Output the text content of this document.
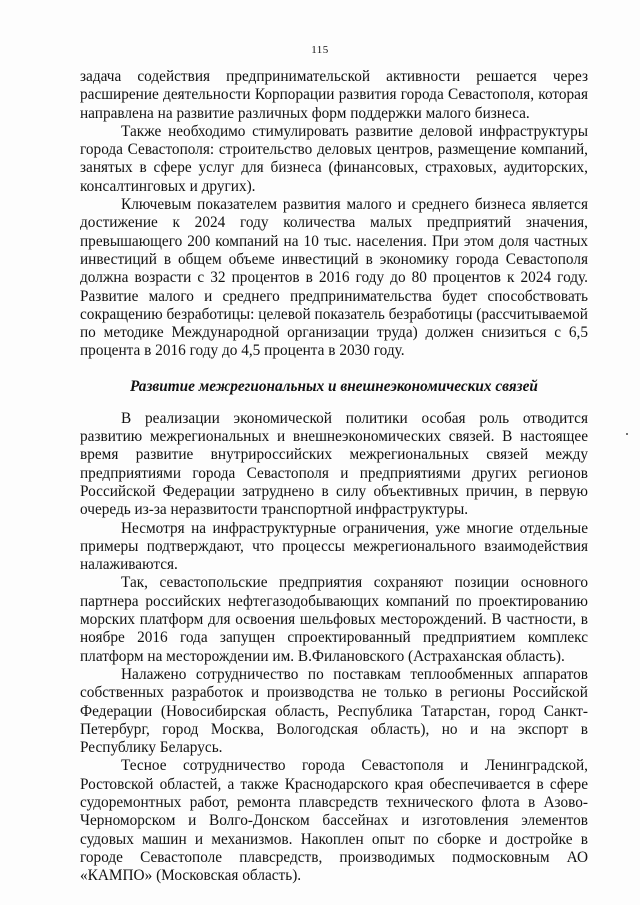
115

задача содействия предпринимательской активности решается через расширение деятельности Корпорации развития города Севастополя, которая направлена на развитие различных форм поддержки малого бизнеса.

Также необходимо стимулировать развитие деловой инфраструктуры города Севастополя: строительство деловых центров, размещение компаний, занятых в сфере услуг для бизнеса (финансовых, страховых, аудиторских, консалтинговых и других).

Ключевым показателем развития малого и среднего бизнеса является достижение к 2024 году количества малых предприятий значения, превышающего 200 компаний на 10 тыс. населения. При этом доля частных инвестиций в общем объеме инвестиций в экономику города Севастополя должна возрасти с 32 процентов в 2016 году до 80 процентов к 2024 году. Развитие малого и среднего предпринимательства будет способствовать сокращению безработицы: целевой показатель безработицы (рассчитываемой по методике Международной организации труда) должен снизиться с 6,5 процента в 2016 году до 4,5 процента в 2030 году.

Развитие межрегиональных и внешнеэкономических связей

В реализации экономической политики особая роль отводится развитию межрегиональных и внешнеэкономических связей. В настоящее время развитие внутрироссийских межрегиональных связей между предприятиями города Севастополя и предприятиями других регионов Российской Федерации затруднено в силу объективных причин, в первую очередь из-за неразвитости транспортной инфраструктуры.

Несмотря на инфраструктурные ограничения, уже многие отдельные примеры подтверждают, что процессы межрегионального взаимодействия налаживаются.

Так, севастопольские предприятия сохраняют позиции основного партнера российских нефтегазодобывающих компаний по проектированию морских платформ для освоения шельфовых месторождений. В частности, в ноябре 2016 года запущен спроектированный предприятием комплекс платформ на месторождении им. В.Филановского (Астраханская область).

Налажено сотрудничество по поставкам теплообменных аппаратов собственных разработок и производства не только в регионы Российской Федерации (Новосибирская область, Республика Татарстан, город Санкт-Петербург, город Москва, Вологодская область), но и на экспорт в Республику Беларусь.

Тесное сотрудничество города Севастополя и Ленинградской, Ростовской областей, а также Краснодарского края обеспечивается в сфере судоремонтных работ, ремонта плавсредств технического флота в Азово-Черноморском и Волго-Донском бассейнах и изготовления элементов судовых машин и механизмов. Накоплен опыт по сборке и достройке в городе Севастополе плавсредств, производимых подмосковным АО «КАМПО» (Московская область).
